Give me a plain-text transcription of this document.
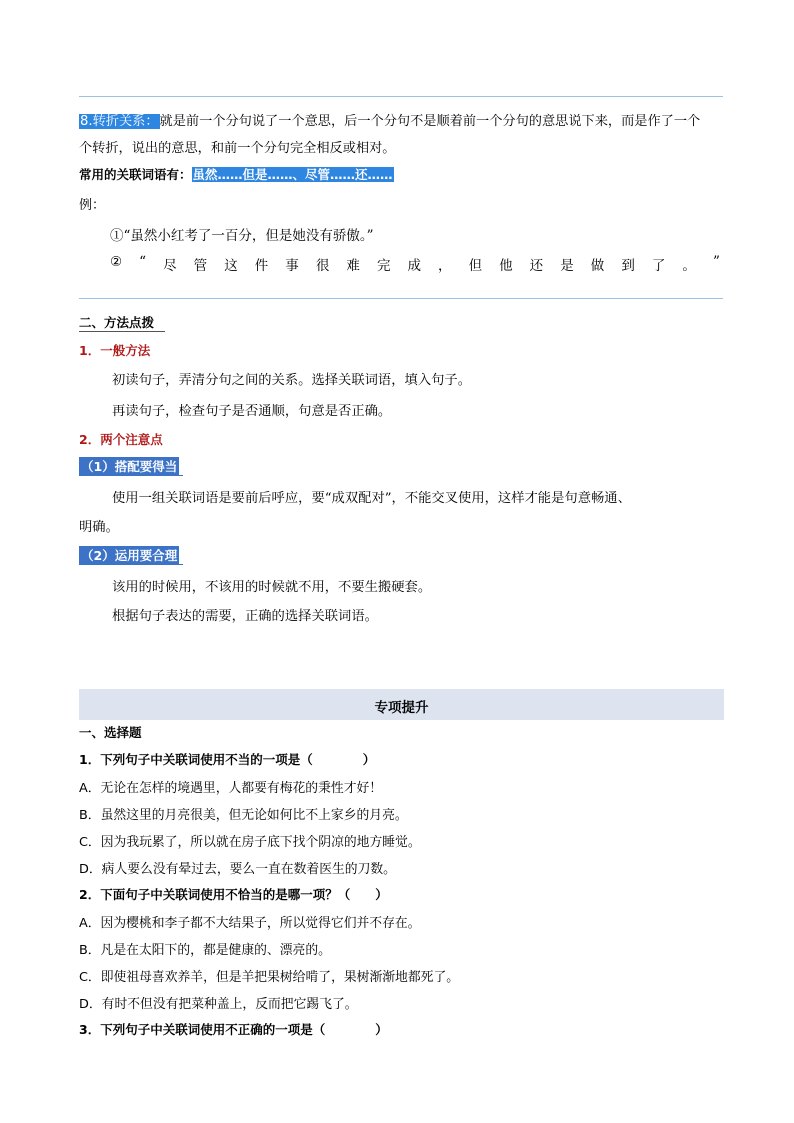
8.转折关系：就是前一个分句说了一个意思，后一个分句不是顺着前一个分句的意思说下来，而是作了一个
个转折，说出的意思，和前一个分句完全相反或相对。
常用的关联词语有：虽然……但是……、尽管……还……
例：
①“虽然小红考了一百分，但是她没有骄傲。”
② “ 尽 管 这 件 事 很 难 完 成 ， 但 他 还 是 做 到 了 。 ”
二、方法点拨
1．一般方法
初读句子，弄清分句之间的关系。选择关联词语，填入句子。
再读句子，检查句子是否通顺，句意是否正确。
2．两个注意点
（1）搭配要得当
使用一组关联词语是要前后呼应，要“成双配对”，不能交叉使用，这样才能是句意畅通、
明确。
（2）运用要合理
该用的时候用，不该用的时候就不用，不要生搬硬套。
根据句子表达的需要，正确的选择关联词语。
专项提升
一、选择题
1．下列句子中关联词使用不当的一项是（　　　　）
A．无论在怎样的境遇里，人都要有梅花的秉性才好！
B．虽然这里的月亮很美，但无论如何比不上家乡的月亮。
C．因为我玩累了，所以就在房子底下找个阴凉的地方睡觉。
D．病人要么没有晕过去，要么一直在数着医生的刀数。
2．下面句子中关联词使用不恰当的是哪一项？（　　）
A．因为樱桃和李子都不大结果子，所以觉得它们并不存在。
B．凡是在太阳下的，都是健康的、漂亮的。
C．即使祖母喜欢养羊，但是羊把果树给啃了，果树渐渐地都死了。
D．有时不但没有把菜种盖上，反而把它踢飞了。
3．下列句子中关联词使用不正确的一项是（　　　　）
